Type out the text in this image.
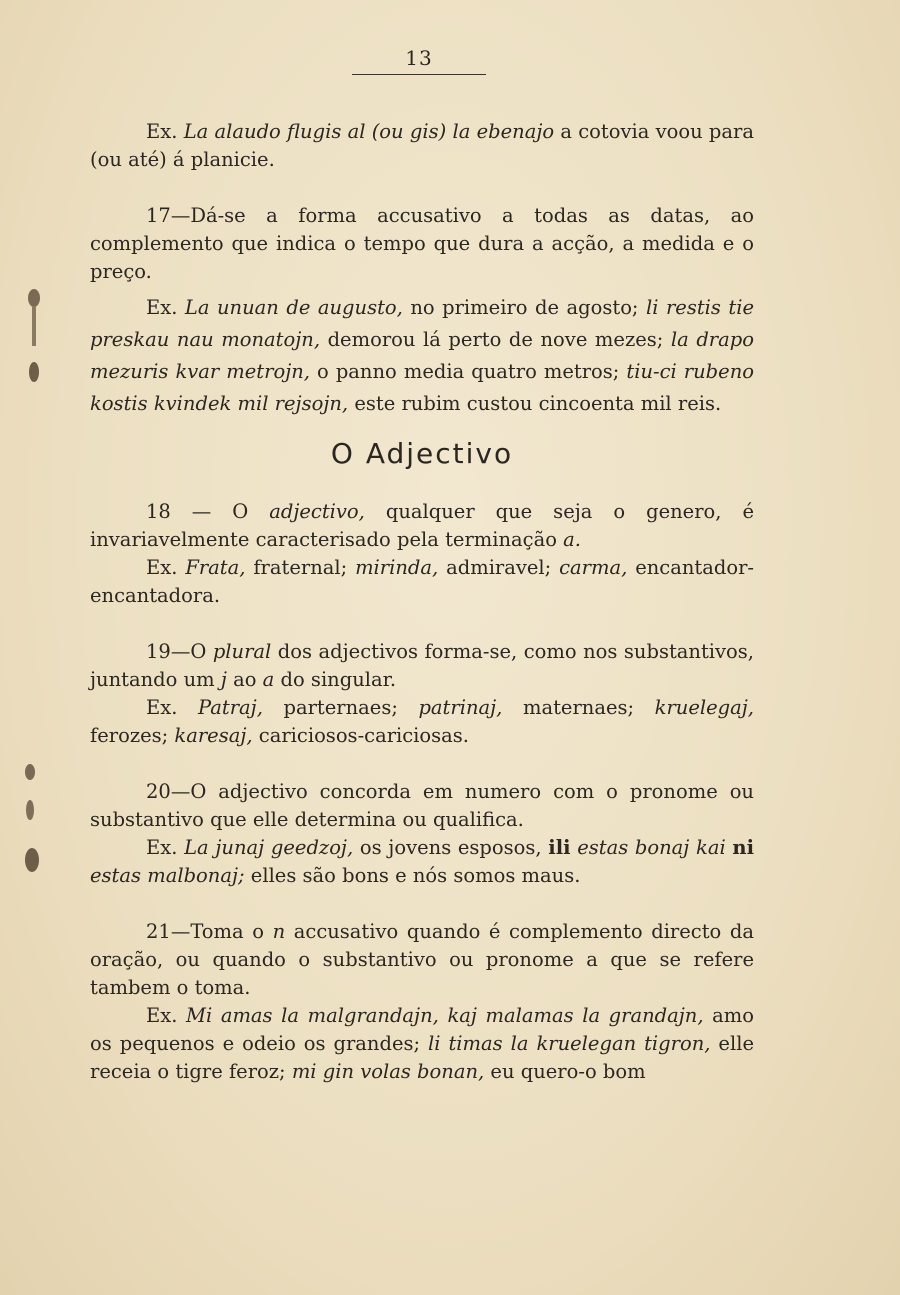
13

Ex. La alaudo flugis al (ou gis) la ebenajo a cotovia voou para (ou até) á planicie.

17—Dá-se a forma accusativo a todas as datas, ao complemento que indica o tempo que dura a acção, a medida e o preço.

Ex. La unuan de augusto, no primeiro de agosto; li restis tie preskau nau monatojn, demorou lá perto de nove mezes; la drapo mezuris kvar metrojn, o panno media quatro metros; tiu-ci rubeno kostis kvindek mil rejsojn, este rubim custou cincoenta mil reis.

O Adjectivo

18 — O adjectivo, qualquer que seja o genero, é invariavelmente caracterisado pela terminação a.

Ex. Frata, fraternal; mirinda, admiravel; carma, encantador-encantadora.

19—O plural dos adjectivos forma-se, como nos substantivos, juntando um j ao a do singular.

Ex. Patraj, parternaes; patrinaj, maternaes; kruelegaj, ferozes; karesaj, cariciosos-cariciosas.

20—O adjectivo concorda em numero com o pronome ou substantivo que elle determina ou qualifica.

Ex. La junaj geedzoj, os jovens esposos, ili estas bonaj kai ni estas malbonaj; elles são bons e nós somos maus.

21—Toma o n accusativo quando é complemento directo da oração, ou quando o substantivo ou pronome a que se refere tambem o toma.

Ex. Mi amas la malgrandajn, kaj malamas la grandajn, amo os pequenos e odeio os grandes; li timas la kruelegan tigron, elle receia o tigre feroz; mi gin volas bonan, eu quero-o bom
